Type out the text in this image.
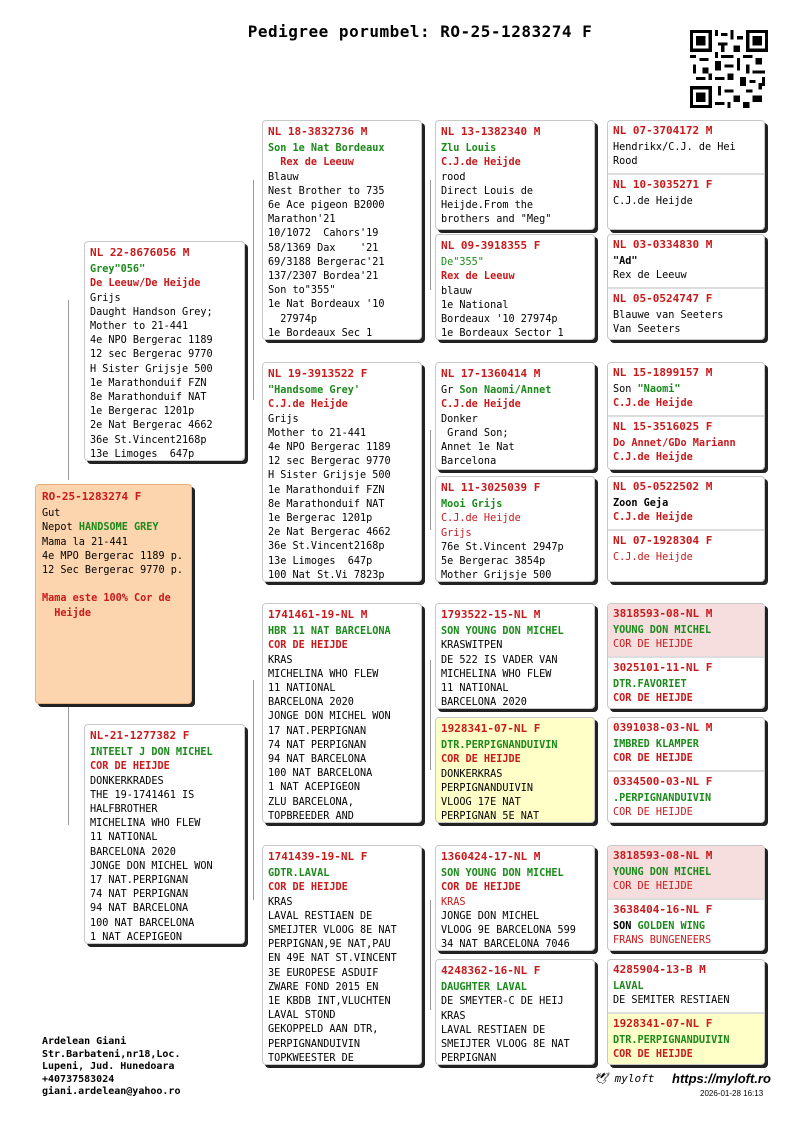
Pedigree porumbel: RO-25-1283274 F
RO-25-1283274 F
Gut
Nepot HANDSOME GREY
Mama la 21-441
4e MPO Bergerac 1189 p.
12 Sec Bergerac 9770 p.

Mama este 100% Cor de
Heijde
NL 22-8676056 M
Grey"056"
De Leeuw/De Heijde
Grijs
Daught Handson Grey;
Mother to 21-441
4e NPO Bergerac 1189
12 sec Bergerac 9770
H Sister Grijsje 500
1e Marathonduif FZN
8e Marathonduif NAT
1e Bergerac 1201p
2e Nat Bergerac 4662
36e St.Vincent2168p
13e Limoges  647p
NL-21-1277382 F
INTEELT J DON MICHEL
COR DE HEIJDE
DONKERKRADES
THE 19-1741461 IS
HALFBROTHER
MICHELINA WHO FLEW
11 NATIONAL
BARCELONA 2020
JONGE DON MICHEL WON
17 NAT.PERPIGNAN
74 NAT PERPIGNAN
94 NAT BARCELONA
100 NAT BARCELONA
1 NAT ACEPIGEON
NL 18-3832736 M
Son 1e Nat Bordeaux
Rex de Leeuw
Blauw
Nest Brother to 735
6e Ace pigeon B2000
Marathon'21
10/1072  Cahors'19
58/1369 Dax    '21
69/3188 Bergerac'21
137/2307 Bordea'21
Son to"355"
1e Nat Bordeaux '10
27974p
1e Bordeaux Sec 1
NL 19-3913522 F
"Handsome Grey'
C.J.de Heijde
Grijs
Mother to 21-441
4e NPO Bergerac 1189
12 sec Bergerac 9770
H Sister Grijsje 500
1e Marathonduif FZN
8e Marathonduif NAT
1e Bergerac 1201p
2e Nat Bergerac 4662
36e St.Vincent2168p
13e Limoges  647p
100 Nat St.Vi 7823p
1741461-19-NL M
HBR 11 NAT BARCELONA
COR DE HEIJDE
KRAS
MICHELINA WHO FLEW
11 NATIONAL
BARCELONA 2020
JONGE DON MICHEL WON
17 NAT.PERPIGNAN
74 NAT PERPIGNAN
94 NAT BARCELONA
100 NAT BARCELONA
1 NAT ACEPIGEON
ZLU BARCELONA,
TOPBREEDER AND
1741439-19-NL F
GDTR.LAVAL
COR DE HEIJDE
KRAS
LAVAL RESTIAEN DE
SMEIJTER VLOOG 8E NAT
PERPIGNAN,9E NAT,PAU
EN 49E NAT ST.VINCENT
3E EUROPESE ASDUIF
ZWARE FOND 2015 EN
1E KBDB INT,VLUCHTEN
LAVAL STOND
GEKOPPELD AAN DTR,
PERPIGNANDUIVIN
TOPKWEESTER DE
NL 13-1382340 M
Zlu Louis
C.J.de Heijde
rood
Direct Louis de
Heijde.From the
brothers and "Meg"
NL 09-3918355 F
De"355"
Rex de Leeuw
blauw
1e National
Bordeaux '10 27974p
1e Bordeaux Sector 1
NL 17-1360414 M
Gr Son Naomi/Annet
C.J.de Heijde
Donker
Grand Son;
Annet 1e Nat
Barcelona
NL 11-3025039 F
Mooi Grijs
C.J.de Heijde
Grijs
76e St.Vincent 2947p
5e Bergerac 3854p
Mother Grijsje 500
1793522-15-NL M
SON YOUNG DON MICHEL
KRASWITPEN
DE 522 IS VADER VAN
MICHELINA WHO FLEW
11 NATIONAL
BARCELONA 2020
1928341-07-NL F
DTR.PERPIGNANDUIVIN
COR DE HEIJDE
DONKERKRAS
PERPIGNANDUIVIN
VLOOG 17E NAT
PERPIGNAN 5E NAT
1360424-17-NL M
SON YOUNG DON MICHEL
COR DE HEIJDE
KRAS
JONGE DON MICHEL
VLOOG 9E BARCELONA 599
34 NAT BARCELONA 7046
4248362-16-NL F
DAUGHTER LAVAL
DE SMEYTER-C DE HEIJ
KRAS
LAVAL RESTIAEN DE
SMEIJTER VLOOG 8E NAT
PERPIGNAN
NL 07-3704172 M
Hendrikx/C.J. de Hei
Rood
NL 10-3035271 F
C.J.de Heijde
NL 03-0334830 M
"Ad"
Rex de Leeuw
NL 05-0524747 F
Blauwe van Seeters
Van Seeters
NL 15-1899157 M
Son "Naomi"
C.J.de Heijde
NL 15-3516025 F
Do Annet/GDo Mariann
C.J.de Heijde
NL 05-0522502 M
Zoon Geja
C.J.de Heijde
NL 07-1928304 F
C.J.de Heijde
3818593-08-NL M
YOUNG DON MICHEL
COR DE HEIJDE
3025101-11-NL F
DTR.FAVORIET
COR DE HEIJDE
0391038-03-NL M
IMBRED KLAMPER
COR DE HEIJDE
0334500-03-NL F
.PERPIGNANDUIVIN
COR DE HEIJDE
3818593-08-NL M
YOUNG DON MICHEL
COR DE HEIJDE
3638404-16-NL F
SON GOLDEN WING
FRANS BUNGENEERS
4285904-13-B M
LAVAL
DE SEMITER RESTIAEN
1928341-07-NL F
DTR.PERPIGNANDUIVIN
COR DE HEIJDE
Ardelean Giani
Str.Barbateni,nr18,Loc.
Lupeni, Jud. Hunedoara
+40737583024
giani.ardelean@yahoo.ro
🕊 myloft https://myloft.ro
2026-01-28 16:13
